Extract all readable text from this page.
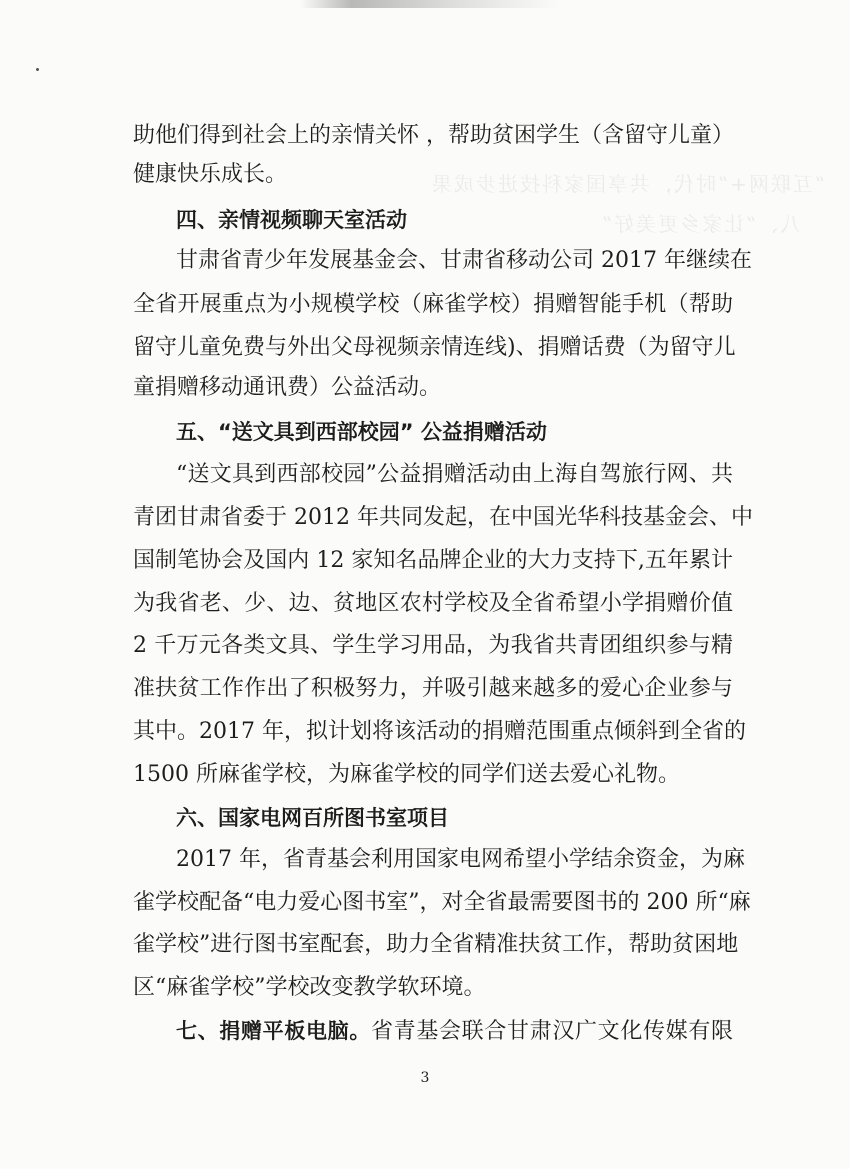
“互联网+”时代，共享国家科技进步成果
八、“让家乡更美好”
助他们得到社会上的亲情关怀 ，帮助贫困学生（含留守儿童）
健康快乐成长。
四、亲情视频聊天室活动
甘肃省青少年发展基金会、甘肃省移动公司 2017 年继续在
全省开展重点为小规模学校（麻雀学校）捐赠智能手机（帮助
留守儿童免费与外出父母视频亲情连线)、捐赠话费（为留守儿
童捐赠移动通讯费）公益活动。
五、“送文具到西部校园” 公益捐赠活动
“送文具到西部校园”公益捐赠活动由上海自驾旅行网、共
青团甘肃省委于 2012 年共同发起，在中国光华科技基金会、中
国制笔协会及国内 12 家知名品牌企业的大力支持下,五年累计
为我省老、少、边、贫地区农村学校及全省希望小学捐赠价值
2 千万元各类文具、学生学习用品，为我省共青团组织参与精
准扶贫工作作出了积极努力，并吸引越来越多的爱心企业参与
其中。2017 年，拟计划将该活动的捐赠范围重点倾斜到全省的
1500 所麻雀学校，为麻雀学校的同学们送去爱心礼物。
六、国家电网百所图书室项目
2017 年，省青基会利用国家电网希望小学结余资金，为麻
雀学校配备“电力爱心图书室”，对全省最需要图书的 200 所“麻
雀学校”进行图书室配套，助力全省精准扶贫工作，帮助贫困地
区“麻雀学校”学校改变教学软环境。
七、捐赠平板电脑。省青基会联合甘肃汉广文化传媒有限
3
